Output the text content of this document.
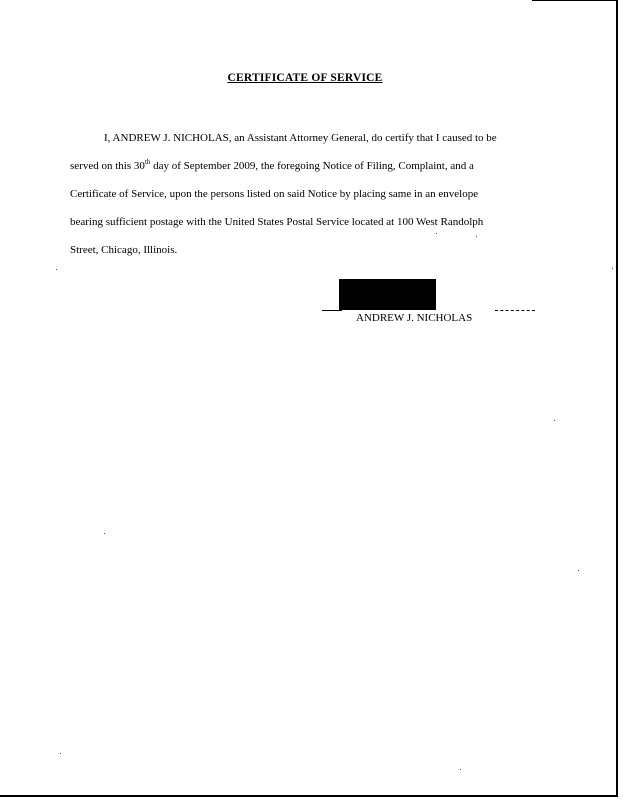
CERTIFICATE OF SERVICE
I, ANDREW J. NICHOLAS, an Assistant Attorney General, do certify that I caused to be
served on this 30th day of September 2009, the foregoing Notice of Filing, Complaint, and a
Certificate of Service, upon the persons listed on said Notice by placing same in an envelope
bearing sufficient postage with the United States Postal Service located at 100 West Randolph
Street, Chicago, Illinois.
ANDREW J. NICHOLAS
